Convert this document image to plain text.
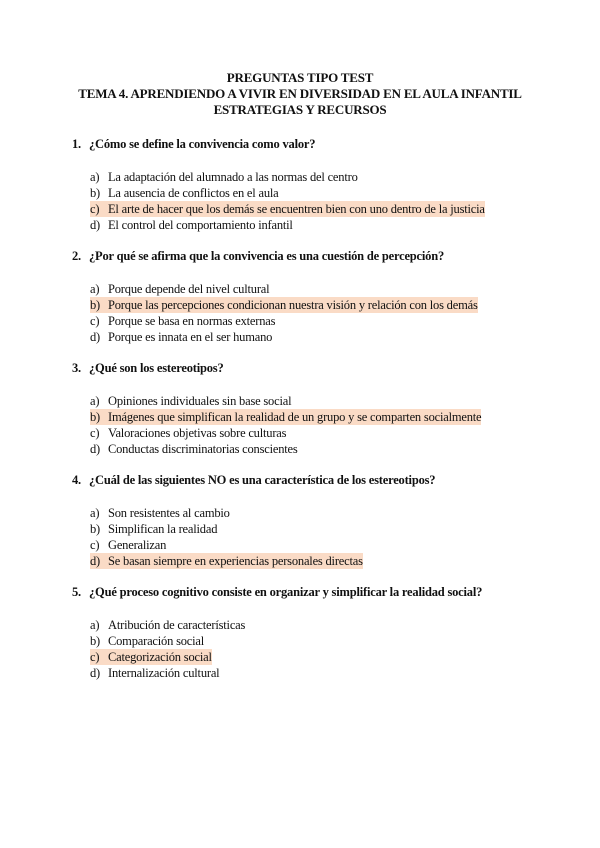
PREGUNTAS TIPO TEST
TEMA 4. APRENDIENDO A VIVIR EN DIVERSIDAD EN EL AULA INFANTIL
ESTRATEGIAS Y RECURSOS
1. ¿Cómo se define la convivencia como valor?
a) La adaptación del alumnado a las normas del centro
b) La ausencia de conflictos en el aula
c) El arte de hacer que los demás se encuentren bien con uno dentro de la justicia
d) El control del comportamiento infantil
2. ¿Por qué se afirma que la convivencia es una cuestión de percepción?
a) Porque depende del nivel cultural
b) Porque las percepciones condicionan nuestra visión y relación con los demás
c) Porque se basa en normas externas
d) Porque es innata en el ser humano
3. ¿Qué son los estereotipos?
a) Opiniones individuales sin base social
b) Imágenes que simplifican la realidad de un grupo y se comparten socialmente
c) Valoraciones objetivas sobre culturas
d) Conductas discriminatorias conscientes
4. ¿Cuál de las siguientes NO es una característica de los estereotipos?
a) Son resistentes al cambio
b) Simplifican la realidad
c) Generalizan
d) Se basan siempre en experiencias personales directas
5. ¿Qué proceso cognitivo consiste en organizar y simplificar la realidad social?
a) Atribución de características
b) Comparación social
c) Categorización social
d) Internalización cultural
